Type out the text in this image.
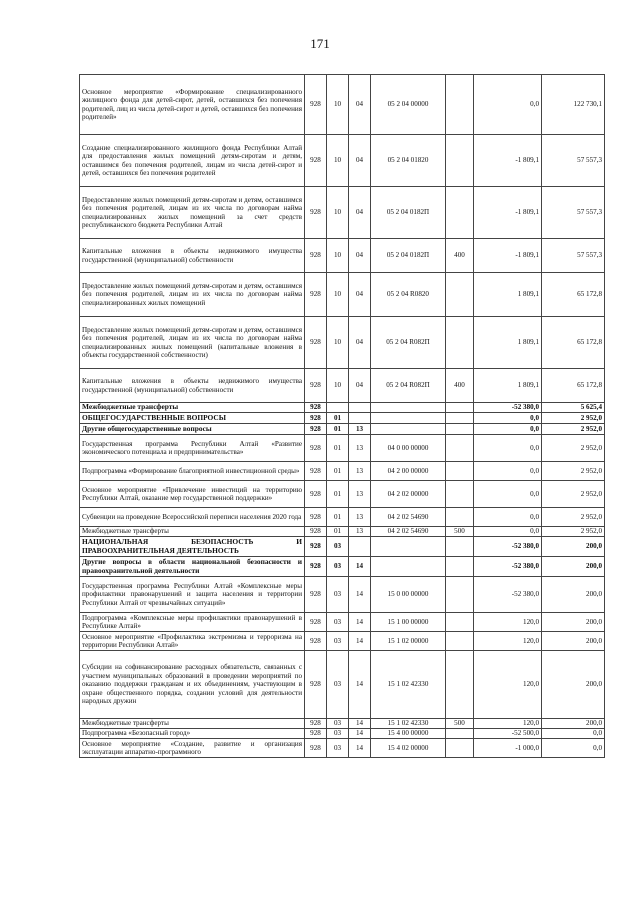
171
Основное мероприятие «Формирование специализированного жилищного фонда для детей-сирот, детей, оставшихся без попечения родителей, лиц из числа детей-сирот и детей, оставшихся без попечения родителей»	928	10	04	05 2 04 00000		0,0	122 730,1
Создание специализированного жилищного фонда Республики Алтай для предоставления жилых помещений детям-сиротам и детям, оставшимся без попечения родителей, лицам из числа детей-сирот и детей, оставшихся без попечения родителей	928	10	04	05 2 04 01820		-1 809,1	57 557,3
Предоставление жилых помещений детям-сиротам и детям, оставшимся без попечения родителей, лицам из их числа по договорам найма специализированных жилых помещений за счет средств республиканского бюджета Республики Алтай	928	10	04	05 2 04 0182П		-1 809,1	57 557,3
Капитальные вложения в объекты недвижимого имущества государственной (муниципальной) собственности	928	10	04	05 2 04 0182П	400	-1 809,1	57 557,3
Предоставление жилых помещений детям-сиротам и детям, оставшимся без попечения родителей, лицам из их числа по договорам найма специализированных жилых помещений	928	10	04	05 2 04 R0820		1 809,1	65 172,8
Предоставление жилых помещений детям-сиротам и детям, оставшимся без попечения родителей, лицам из их числа по договорам найма специализированных жилых помещений (капитальные вложения в объекты государственной собственности)	928	10	04	05 2 04 R082П		1 809,1	65 172,8
Капитальные вложения в объекты недвижимого имущества государственной (муниципальной) собственности	928	10	04	05 2 04 R082П	400	1 809,1	65 172,8
Межбюджетные трансферты	928					-52 380,0	5 625,4
ОБЩЕГОСУДАРСТВЕННЫЕ ВОПРОСЫ	928	01				0,0	2 952,0
Другие общегосударственные вопросы	928	01	13			0,0	2 952,0
Государственная программа Республики Алтай «Развитие экономического потенциала и предпринимательства»	928	01	13	04 0 00 00000		0,0	2 952,0
Подпрограмма «Формирование благоприятной инвестиционной среды»	928	01	13	04 2 00 00000		0,0	2 952,0
Основное мероприятие «Привлечение инвестиций на территорию Республики Алтай, оказание мер государственной поддержки»	928	01	13	04 2 02 00000		0,0	2 952,0
Субвенции на проведение Всероссийской переписи населения 2020 года	928	01	13	04 2 02 54690		0,0	2 952,0
Межбюджетные трансферты	928	01	13	04 2 02 54690	500	0,0	2 952,0
НАЦИОНАЛЬНАЯ БЕЗОПАСНОСТЬ И ПРАВООХРАНИТЕЛЬНАЯ ДЕЯТЕЛЬНОСТЬ	928	03				-52 380,0	200,0
Другие вопросы в области национальной безопасности и правоохранительной деятельности	928	03	14			-52 380,0	200,0
Государственная программа Республики Алтай «Комплексные меры профилактики правонарушений и защита населения и территории Республики Алтай от чрезвычайных ситуаций»	928	03	14	15 0 00 00000		-52 380,0	200,0
Подпрограмма «Комплексные меры профилактики правонарушений в Республике Алтай»	928	03	14	15 1 00 00000		120,0	200,0
Основное мероприятие «Профилактика экстремизма и терроризма на территории Республики Алтай»	928	03	14	15 1 02 00000		120,0	200,0
Субсидии на софинансирование расходных обязательств, связанных с участием муниципальных образований в проведении мероприятий по оказанию поддержки гражданам и их объединениям, участвующим в охране общественного порядка, создании условий для деятельности народных дружин	928	03	14	15 1 02 42330		120,0	200,0
Межбюджетные трансферты	928	03	14	15 1 02 42330	500	120,0	200,0
Подпрограмма «Безопасный город»	928	03	14	15 4 00 00000		-52 500,0	0,0
Основное мероприятие «Создание, развитие и организация эксплуатации аппаратно-программного	928	03	14	15 4 02 00000		-1 000,0	0,0
